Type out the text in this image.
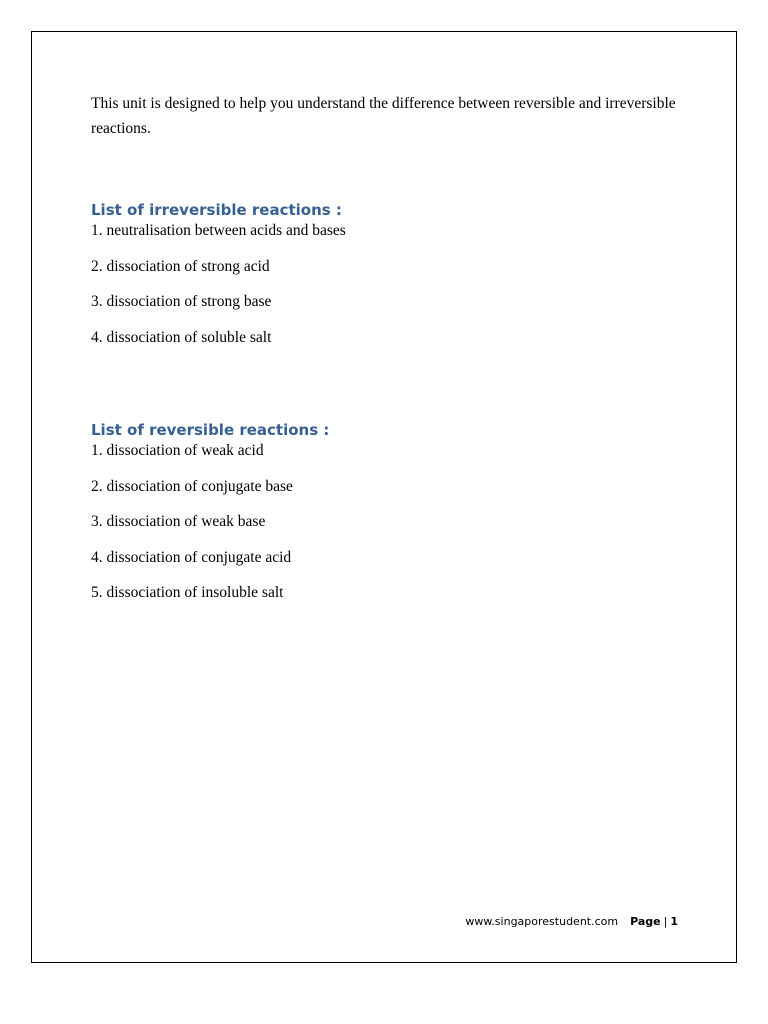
This unit is designed to help you understand the difference between reversible and irreversible reactions.

List of irreversible reactions :

1. neutralisation between acids and bases

2. dissociation of strong acid

3. dissociation of strong base

4. dissociation of soluble salt

List of reversible reactions :

1. dissociation of weak acid

2. dissociation of conjugate base

3. dissociation of weak base

4. dissociation of conjugate acid

5. dissociation of insoluble salt

www.singaporestudent.com Page | 1
